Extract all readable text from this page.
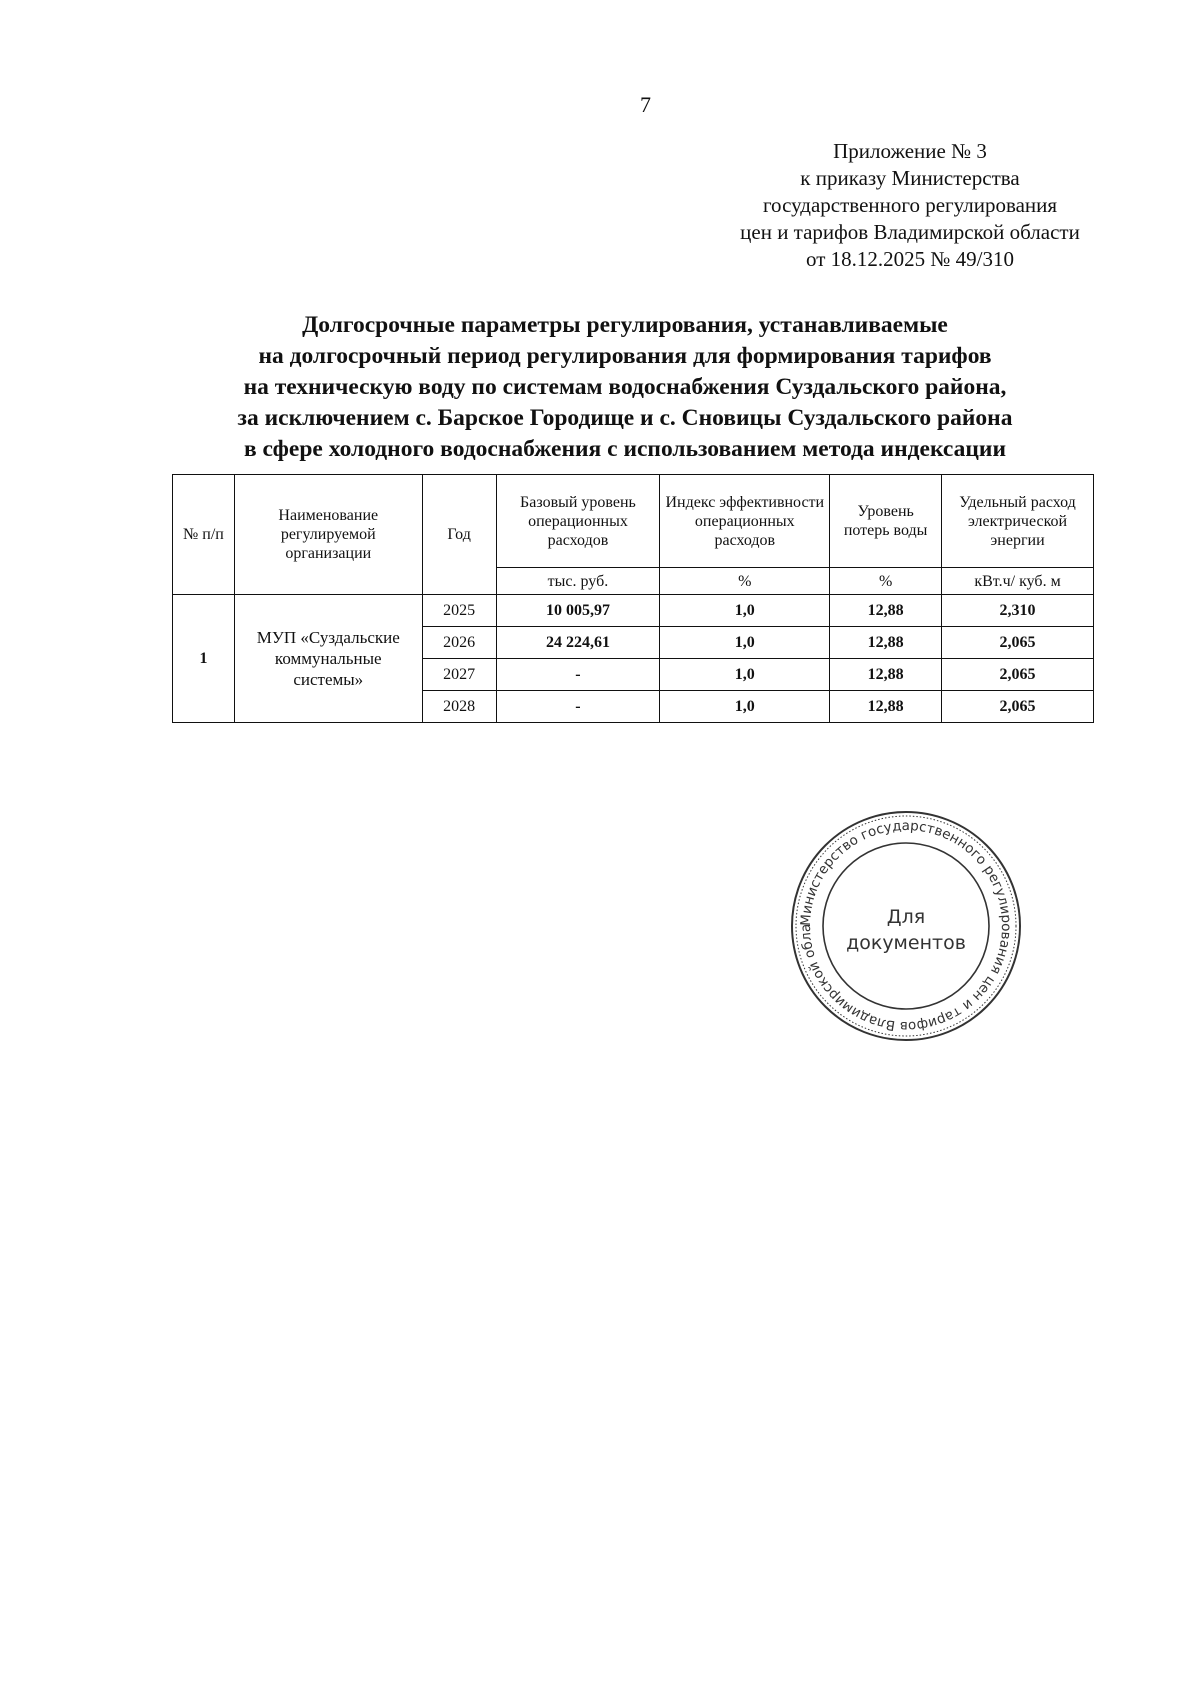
7
Приложение № 3
к приказу Министерства
государственного регулирования
цен и тарифов Владимирской области
от 18.12.2025 № 49/310
Долгосрочные параметры регулирования, устанавливаемые
на долгосрочный период регулирования для формирования тарифов
на техническую воду по системам водоснабжения Суздальского района,
за исключением с. Барское Городище и с. Сновицы Суздальского района
в сфере холодного водоснабжения с использованием метода индексации
№ п/п	Наименование регулируемой организации	Год	Базовый уровень операционных расходов	Индекс эффективности операционных расходов	Уровень потерь воды	Удельный расход электрической энергии
			тыс. руб.	%	%	кВт.ч/ куб. м
1	МУП «Суздальские коммунальные системы»	2025	10 005,97	1,0	12,88	2,310
		2026	24 224,61	1,0	12,88	2,065
		2027	-	1,0	12,88	2,065
		2028	-	1,0	12,88	2,065
Министерство государственного регулирования цен и тарифов Владимирской обла	Для
документов
